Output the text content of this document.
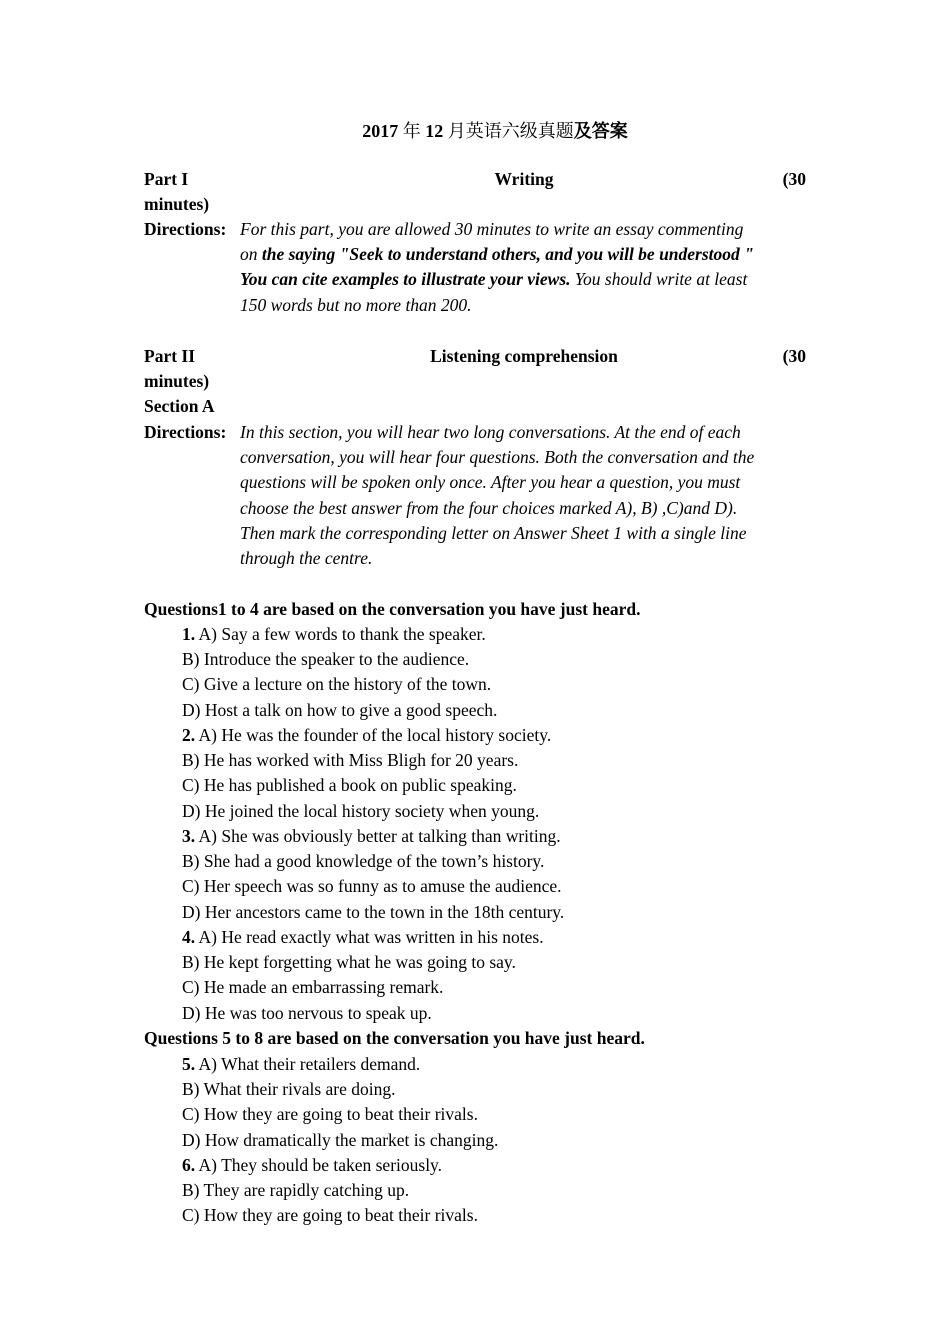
2017 年 12 月英语六级真题及答案
Part I	Writing	(30
minutes)
Directions: For this part, you are allowed 30 minutes to write an essay commenting
on the saying "Seek to understand others, and you will be understood "
You can cite examples to illustrate your views. You should write at least
150 words but no more than 200.
Part II	Listening comprehension	(30
minutes)
Section A
Directions: In this section, you will hear two long conversations. At the end of each
conversation, you will hear four questions. Both the conversation and the
questions will be spoken only once. After you hear a question, you must
choose the best answer from the four choices marked A), B) ,C)and D).
Then mark the corresponding letter on Answer Sheet 1 with a single line
through the centre.
Questions1 to 4 are based on the conversation you have just heard.
1. A) Say a few words to thank the speaker.
B) Introduce the speaker to the audience.
C) Give a lecture on the history of the town.
D) Host a talk on how to give a good speech.
2. A) He was the founder of the local history society.
B) He has worked with Miss Bligh for 20 years.
C) He has published a book on public speaking.
D) He joined the local history society when young.
3. A) She was obviously better at talking than writing.
B) She had a good knowledge of the town’s history.
C) Her speech was so funny as to amuse the audience.
D) Her ancestors came to the town in the 18th century.
4. A) He read exactly what was written in his notes.
B) He kept forgetting what he was going to say.
C) He made an embarrassing remark.
D) He was too nervous to speak up.
Questions 5 to 8 are based on the conversation you have just heard.
5. A) What their retailers demand.
B) What their rivals are doing.
C) How they are going to beat their rivals.
D) How dramatically the market is changing.
6. A) They should be taken seriously.
B) They are rapidly catching up.
C) How they are going to beat their rivals.
